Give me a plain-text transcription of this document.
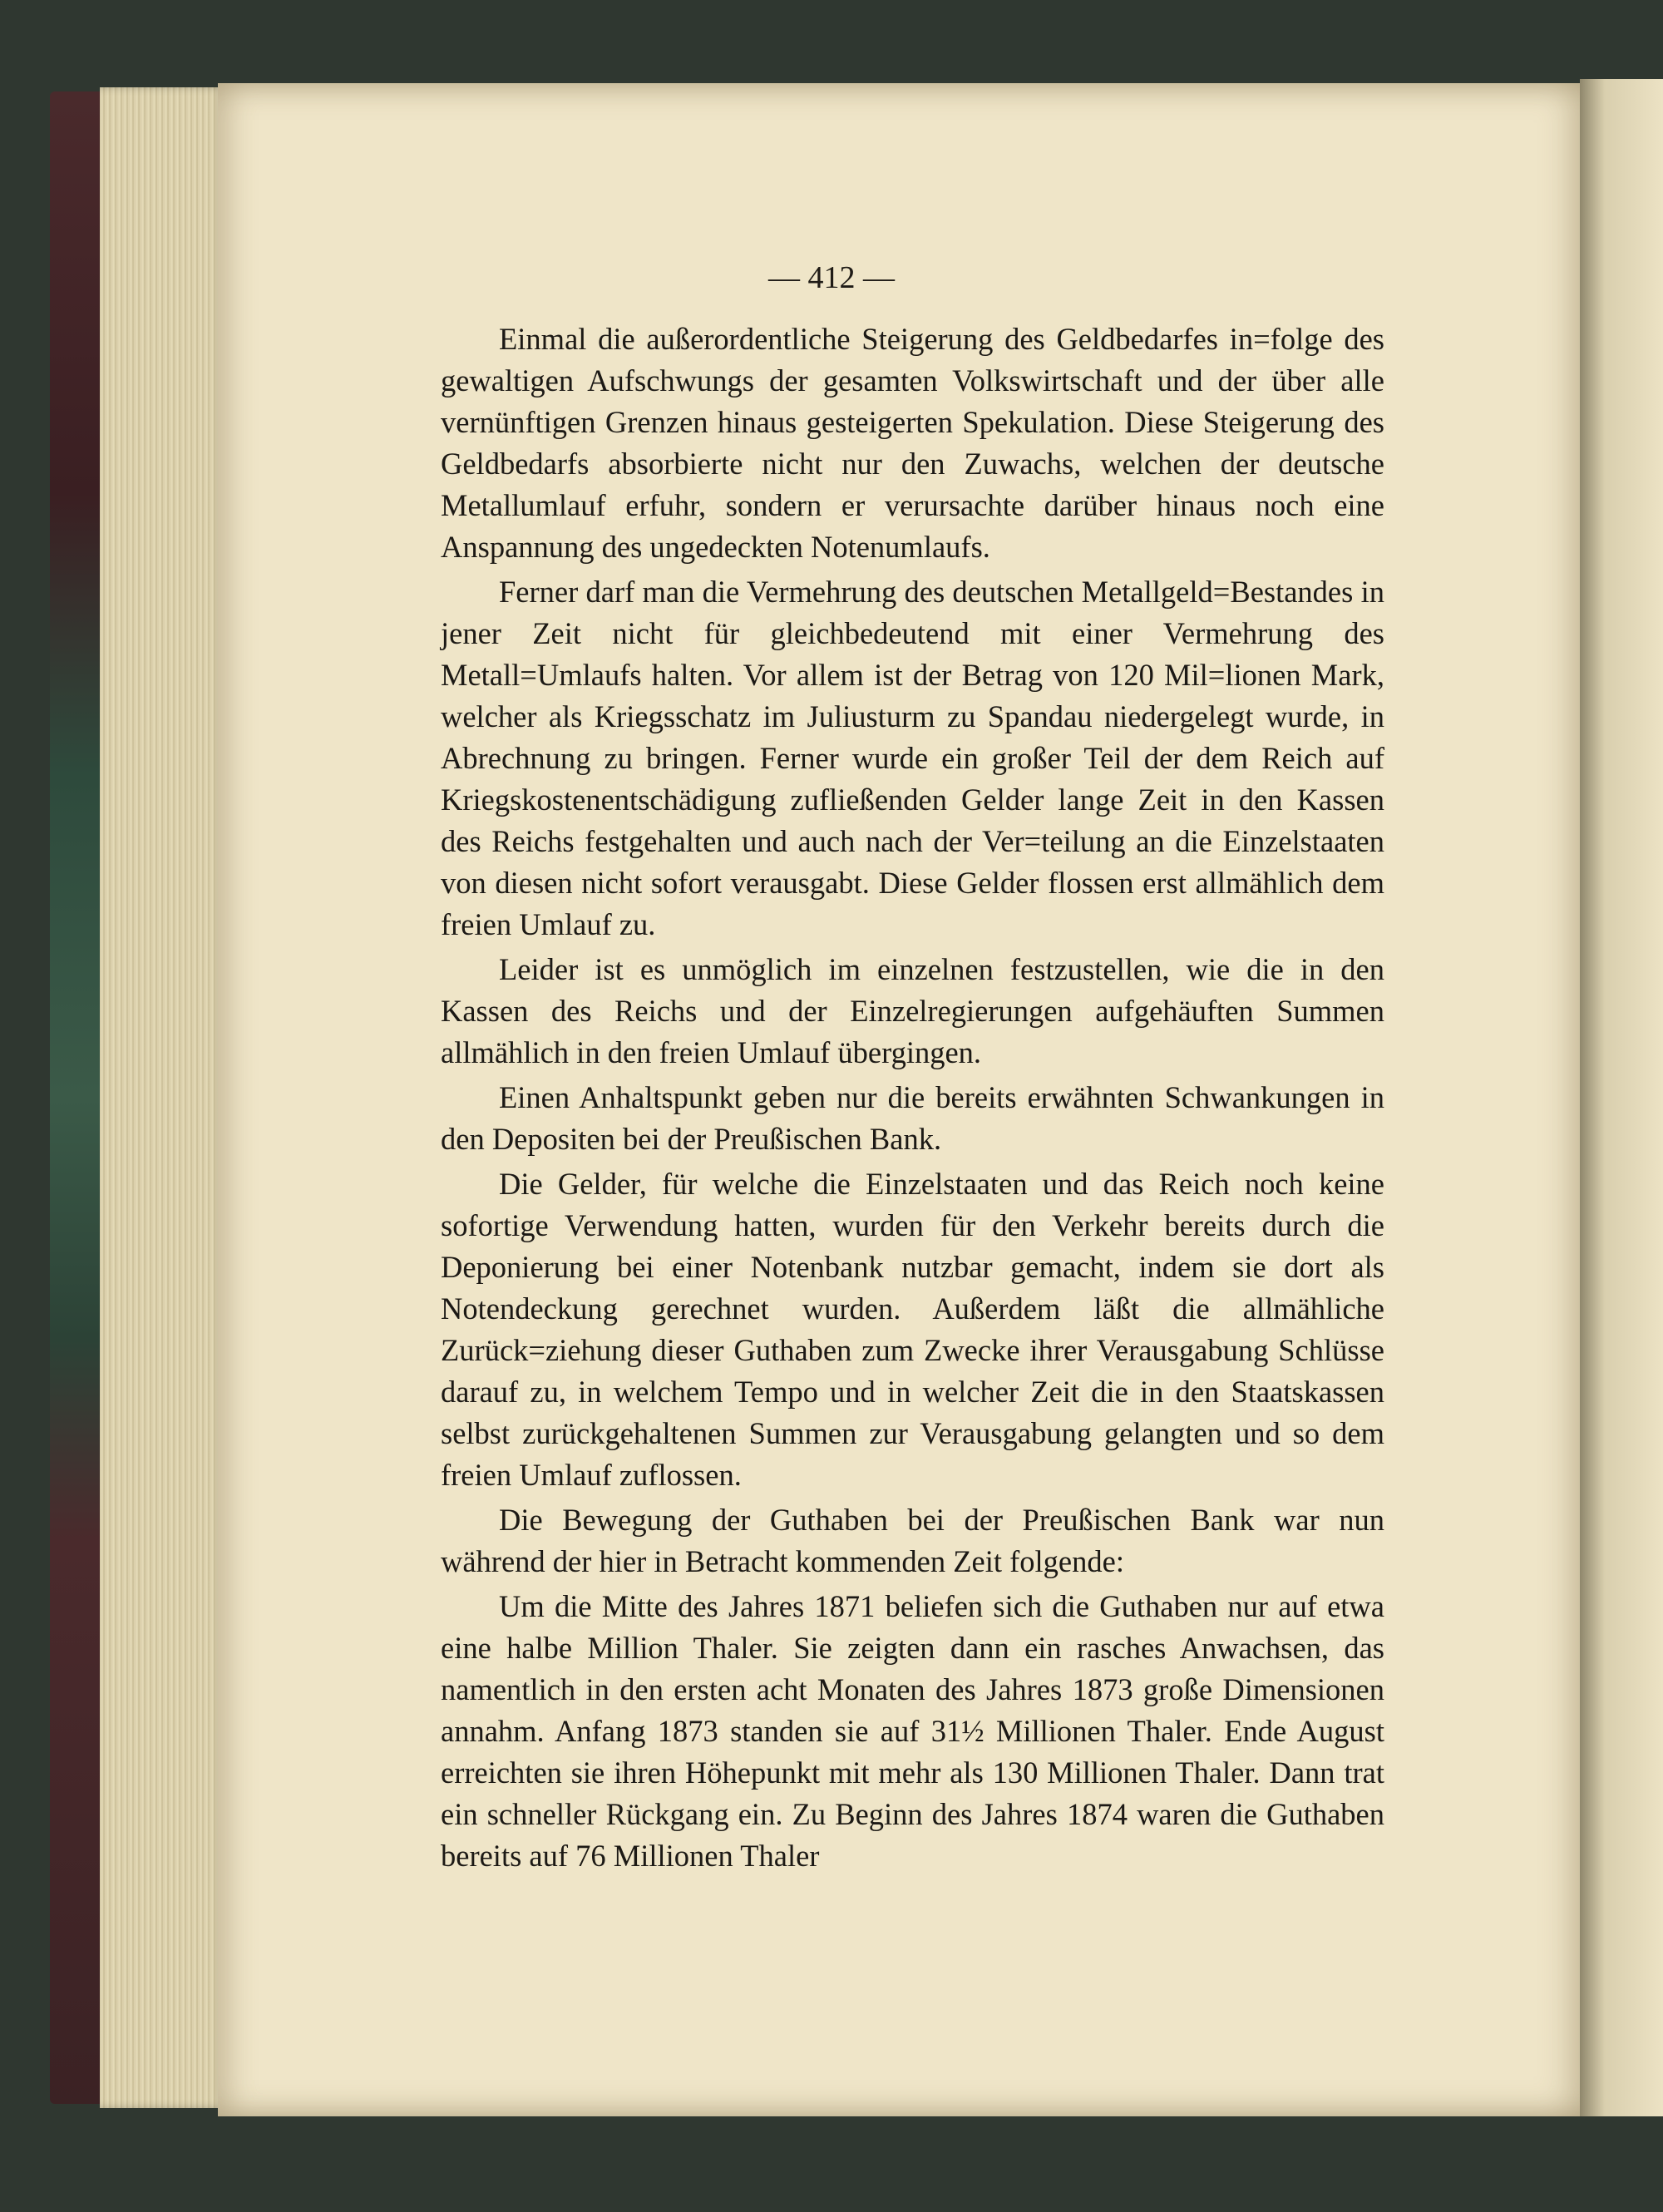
— 412 —

Einmal die außerordentliche Steigerung des Geldbedarfes in=folge des gewaltigen Aufschwungs der gesamten Volkswirtschaft und der über alle vernünftigen Grenzen hinaus gesteigerten Spekulation. Diese Steigerung des Geldbedarfs absorbierte nicht nur den Zuwachs, welchen der deutsche Metallumlauf erfuhr, sondern er verursachte darüber hinaus noch eine Anspannung des ungedeckten Notenumlaufs.

Ferner darf man die Vermehrung des deutschen Metallgeld=Bestandes in jener Zeit nicht für gleichbedeutend mit einer Vermehrung des Metall=Umlaufs halten. Vor allem ist der Betrag von 120 Mil=lionen Mark, welcher als Kriegsschatz im Juliusturm zu Spandau niedergelegt wurde, in Abrechnung zu bringen. Ferner wurde ein großer Teil der dem Reich auf Kriegskostenentschädigung zufließenden Gelder lange Zeit in den Kassen des Reichs festgehalten und auch nach der Ver=teilung an die Einzelstaaten von diesen nicht sofort verausgabt. Diese Gelder flossen erst allmählich dem freien Umlauf zu.

Leider ist es unmöglich im einzelnen festzustellen, wie die in den Kassen des Reichs und der Einzelregierungen aufgehäuften Summen allmählich in den freien Umlauf übergingen.

Einen Anhaltspunkt geben nur die bereits erwähnten Schwankungen in den Depositen bei der Preußischen Bank.

Die Gelder, für welche die Einzelstaaten und das Reich noch keine sofortige Verwendung hatten, wurden für den Verkehr bereits durch die Deponierung bei einer Notenbank nutzbar gemacht, indem sie dort als Notendeckung gerechnet wurden. Außerdem läßt die allmähliche Zurück=ziehung dieser Guthaben zum Zwecke ihrer Verausgabung Schlüsse darauf zu, in welchem Tempo und in welcher Zeit die in den Staatskassen selbst zurückgehaltenen Summen zur Verausgabung gelangten und so dem freien Umlauf zuflossen.

Die Bewegung der Guthaben bei der Preußischen Bank war nun während der hier in Betracht kommenden Zeit folgende:

Um die Mitte des Jahres 1871 beliefen sich die Guthaben nur auf etwa eine halbe Million Thaler. Sie zeigten dann ein rasches Anwachsen, das namentlich in den ersten acht Monaten des Jahres 1873 große Dimensionen annahm. Anfang 1873 standen sie auf 31½ Millionen Thaler. Ende August erreichten sie ihren Höhepunkt mit mehr als 130 Millionen Thaler. Dann trat ein schneller Rückgang ein. Zu Beginn des Jahres 1874 waren die Guthaben bereits auf 76 Millionen Thaler
